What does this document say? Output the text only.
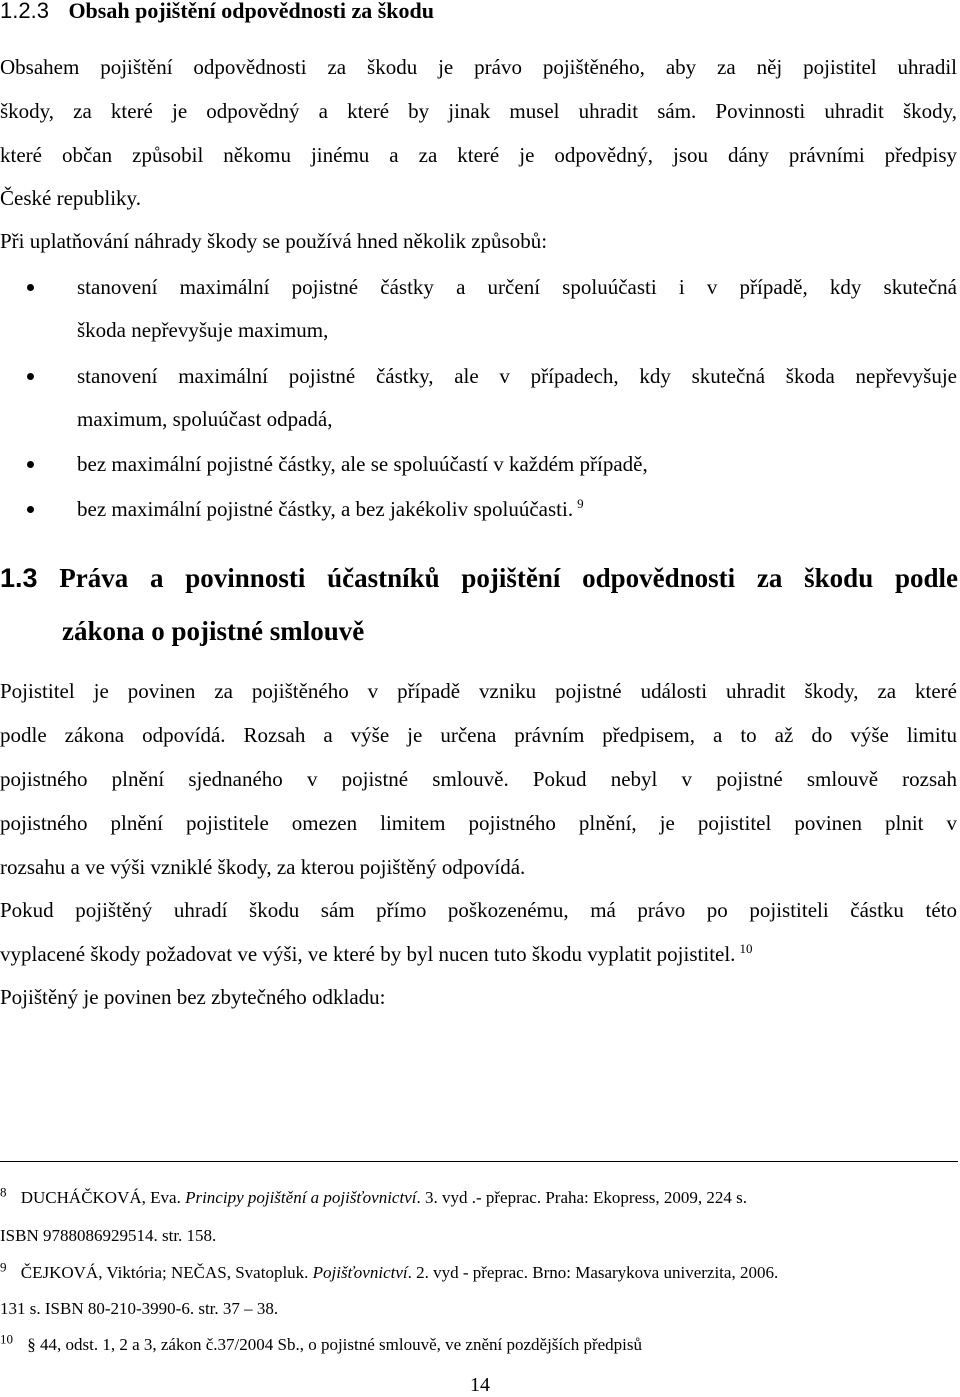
1.2.3 Obsah pojištění odpovědnosti za škodu
Obsahem pojištění odpovědnosti za škodu je právo pojištěného, aby za něj pojistitel uhradil
škody, za které je odpovědný a které by jinak musel uhradit sám. Povinnosti uhradit škody,
které občan způsobil někomu jinému a za které je odpovědný, jsou dány právními předpisy
České republiky.
Při uplatňování náhrady škody se používá hned několik způsobů:
stanovení maximální pojistné částky a určení spoluúčasti i v případě, kdy skutečná
škoda nepřevyšuje maximum,
stanovení maximální pojistné částky, ale v případech, kdy skutečná škoda nepřevyšuje
maximum, spoluúčast odpadá,
bez maximální pojistné částky, ale se spoluúčastí v každém případě,
bez maximální pojistné částky, a bez jakékoliv spoluúčasti. $^9$
1.3 Práva a povinnosti účastníků pojištění odpovědnosti za škodu podle
zákona o pojistné smlouvě
Pojistitel je povinen za pojištěného v případě vzniku pojistné události uhradit škody, za které
podle zákona odpovídá. Rozsah a výše je určena právním předpisem, a to až do výše limitu
pojistného plnění sjednaného v pojistné smlouvě. Pokud nebyl v pojistné smlouvě rozsah
pojistného plnění pojistitele omezen limitem pojistného plnění, je pojistitel povinen plnit v
rozsahu a ve výši vzniklé škody, za kterou pojištěný odpovídá.
Pokud pojištěný uhradí škodu sám přímo poškozenému, má právo po pojistiteli částku této
vyplacené škody požadovat ve výši, ve které by byl nucen tuto škodu vyplatit pojistitel. $^{10}$
Pojištěný je povinen bez zbytečného odkladu:
$^8$ DUCHÁČKOVÁ, Eva. Principy pojištění a pojišťovnictví. 3. vyd .- přeprac. Praha: Ekopress, 2009, 224 s.
ISBN 9788086929514. str. 158.
$^9$ ČEJKOVÁ, Viktória; NEČAS, Svatopluk. Pojišťovnictví. 2. vyd - přeprac. Brno: Masarykova univerzita, 2006.
131 s. ISBN 80-210-3990-6. str. 37 – 38.
$^{10}$ § 44, odst. 1, 2 a 3, zákon č.37/2004 Sb., o pojistné smlouvě, ve znění pozdějších předpisů
14
